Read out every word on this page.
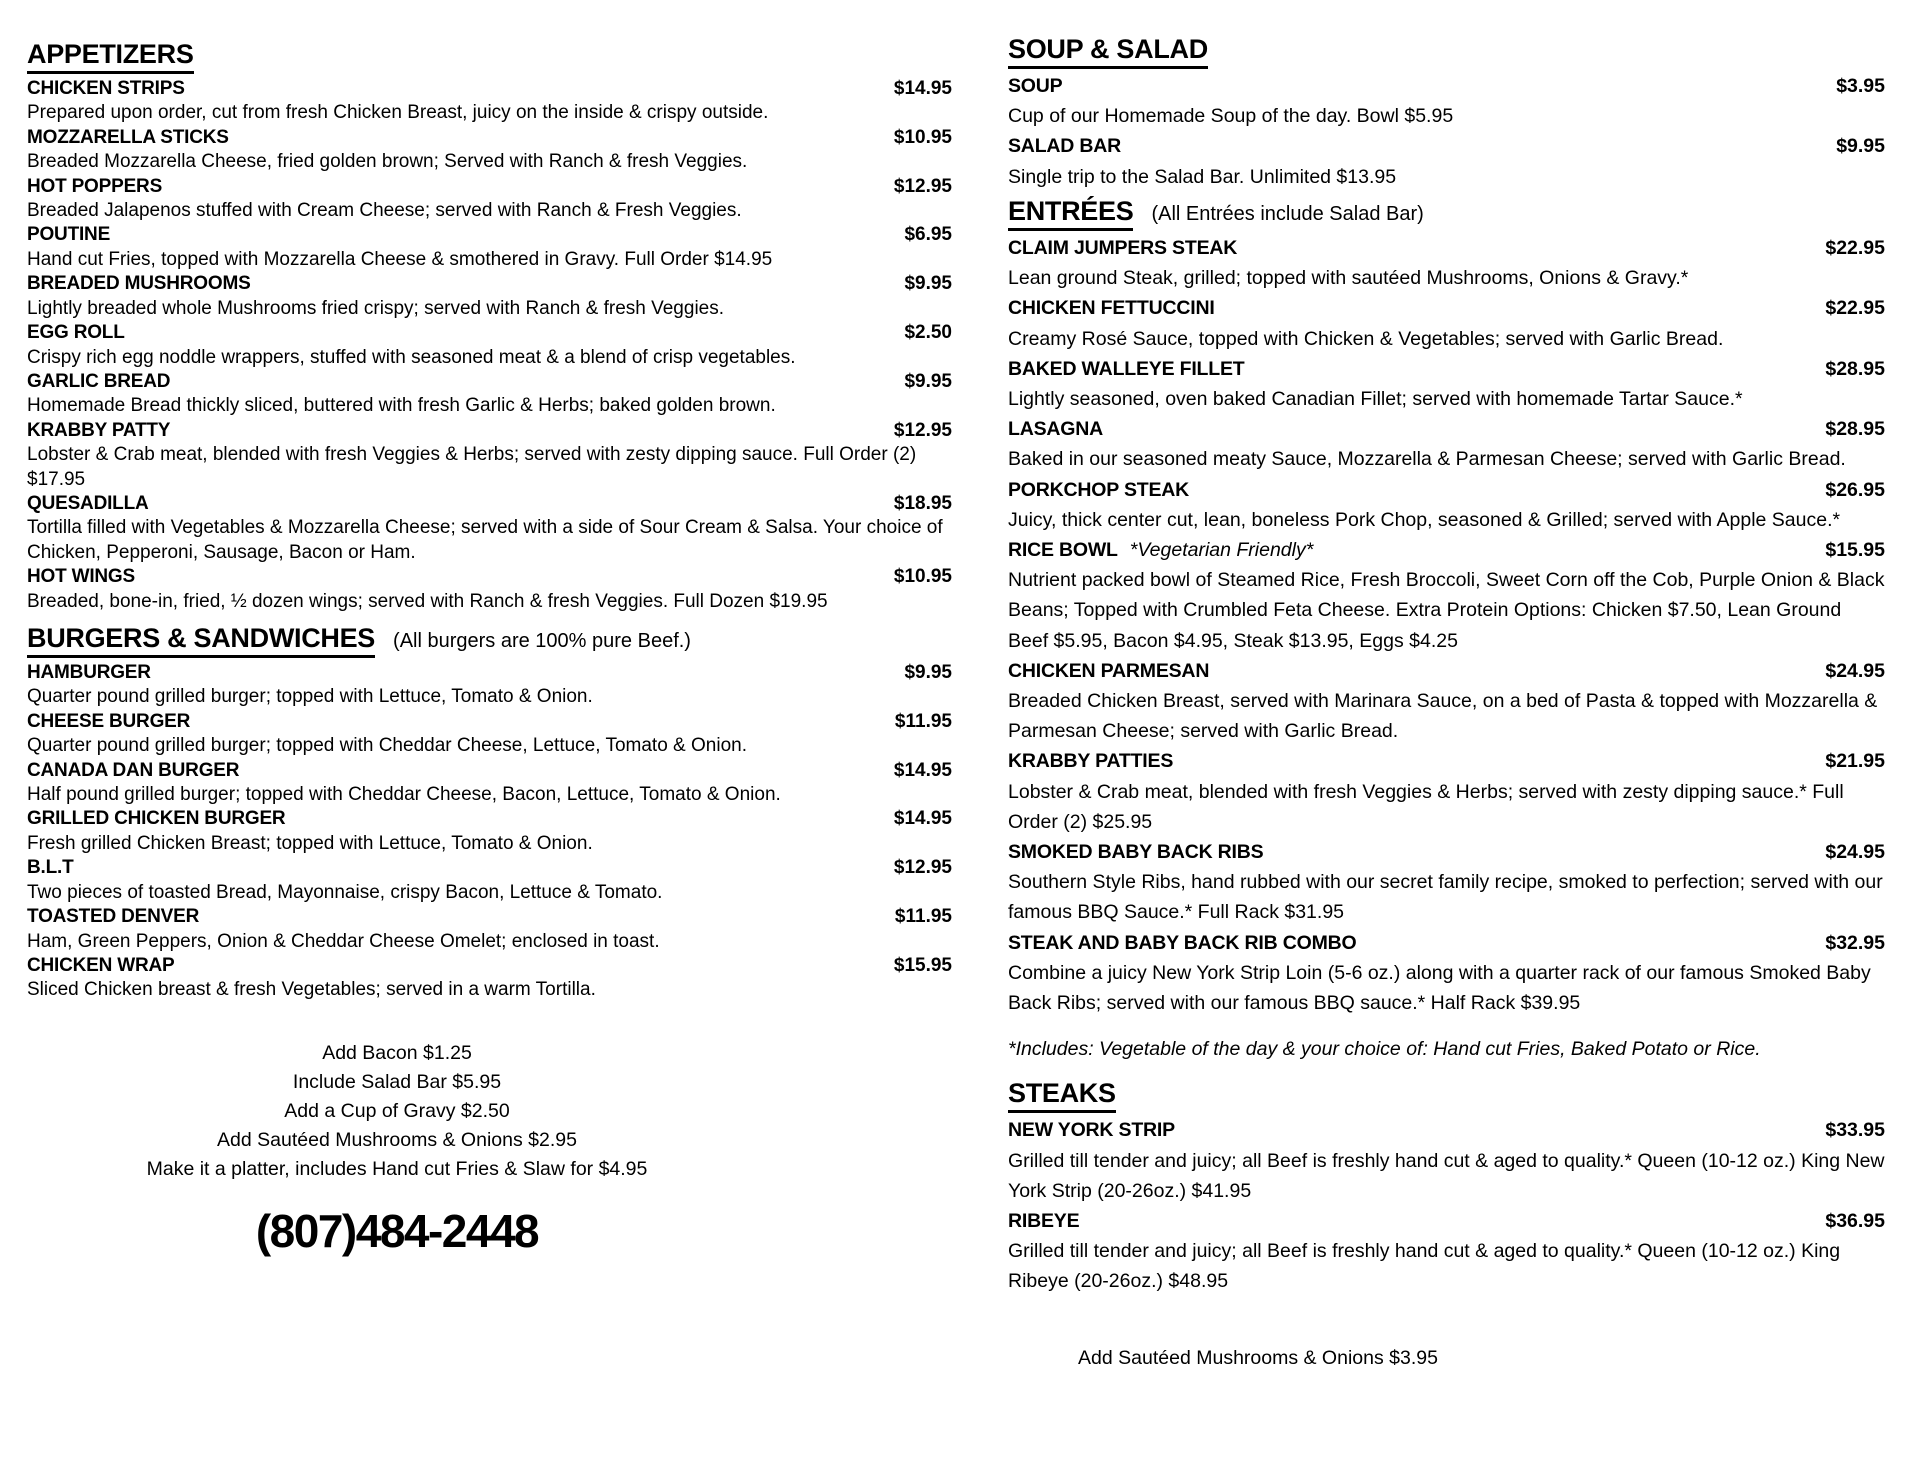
APPETIZERS
CHICKEN STRIPS	$14.95
Prepared upon order, cut from fresh Chicken Breast, juicy on the inside & crispy outside.
MOZZARELLA STICKS	$10.95
Breaded Mozzarella Cheese, fried golden brown; Served with Ranch & fresh Veggies.
HOT POPPERS	$12.95
Breaded Jalapenos stuffed with Cream Cheese; served with Ranch & Fresh Veggies.
POUTINE	$6.95
Hand cut Fries, topped with Mozzarella Cheese & smothered in Gravy. Full Order $14.95
BREADED MUSHROOMS	$9.95
Lightly breaded whole Mushrooms fried crispy; served with Ranch & fresh Veggies.
EGG ROLL	$2.50
Crispy rich egg noddle wrappers, stuffed with seasoned meat & a blend of crisp vegetables.
GARLIC BREAD	$9.95
Homemade Bread thickly sliced, buttered with fresh Garlic & Herbs; baked golden brown.
KRABBY PATTY	$12.95
Lobster & Crab meat, blended with fresh Veggies & Herbs; served with zesty dipping sauce. Full Order (2) $17.95
QUESADILLA	$18.95
Tortilla filled with Vegetables & Mozzarella Cheese; served with a side of Sour Cream & Salsa. Your choice of Chicken, Pepperoni, Sausage, Bacon or Ham.
HOT WINGS	$10.95
Breaded, bone-in, fried, ½ dozen wings; served with Ranch & fresh Veggies. Full Dozen $19.95
BURGERS & SANDWICHES (All burgers are 100% pure Beef.)
HAMBURGER	$9.95
Quarter pound grilled burger; topped with Lettuce, Tomato & Onion.
CHEESE BURGER	$11.95
Quarter pound grilled burger; topped with Cheddar Cheese, Lettuce, Tomato & Onion.
CANADA DAN BURGER	$14.95
Half pound grilled burger; topped with Cheddar Cheese, Bacon, Lettuce, Tomato & Onion.
GRILLED CHICKEN BURGER	$14.95
Fresh grilled Chicken Breast; topped with Lettuce, Tomato & Onion.
B.L.T	$12.95
Two pieces of toasted Bread, Mayonnaise, crispy Bacon, Lettuce & Tomato.
TOASTED DENVER	$11.95
Ham, Green Peppers, Onion & Cheddar Cheese Omelet; enclosed in toast.
CHICKEN WRAP	$15.95
Sliced Chicken breast & fresh Vegetables; served in a warm Tortilla.
Add Bacon $1.25
Include Salad Bar $5.95
Add a Cup of Gravy $2.50
Add Sautéed Mushrooms & Onions $2.95
Make it a platter, includes Hand cut Fries & Slaw for $4.95
(807)484-2448
SOUP & SALAD
SOUP	$3.95
Cup of our Homemade Soup of the day. Bowl $5.95
SALAD BAR	$9.95
Single trip to the Salad Bar. Unlimited $13.95
ENTRÉES (All Entrées include Salad Bar)
CLAIM JUMPERS STEAK	$22.95
Lean ground Steak, grilled; topped with sautéed Mushrooms, Onions & Gravy.*
CHICKEN FETTUCCINI	$22.95
Creamy Rosé Sauce, topped with Chicken & Vegetables; served with Garlic Bread.
BAKED WALLEYE FILLET	$28.95
Lightly seasoned, oven baked Canadian Fillet; served with homemade Tartar Sauce.*
LASAGNA	$28.95
Baked in our seasoned meaty Sauce, Mozzarella & Parmesan Cheese; served with Garlic Bread.
PORKCHOP STEAK	$26.95
Juicy, thick center cut, lean, boneless Pork Chop, seasoned & Grilled; served with Apple Sauce.*
RICE BOWL *Vegetarian Friendly*	$15.95
Nutrient packed bowl of Steamed Rice, Fresh Broccoli, Sweet Corn off the Cob, Purple Onion & Black Beans; Topped with Crumbled Feta Cheese. Extra Protein Options: Chicken $7.50, Lean Ground Beef $5.95, Bacon $4.95, Steak $13.95, Eggs $4.25
CHICKEN PARMESAN	$24.95
Breaded Chicken Breast, served with Marinara Sauce, on a bed of Pasta & topped with Mozzarella & Parmesan Cheese; served with Garlic Bread.
KRABBY PATTIES	$21.95
Lobster & Crab meat, blended with fresh Veggies & Herbs; served with zesty dipping sauce.* Full Order (2) $25.95
SMOKED BABY BACK RIBS	$24.95
Southern Style Ribs, hand rubbed with our secret family recipe, smoked to perfection; served with our famous BBQ Sauce.* Full Rack $31.95
STEAK AND BABY BACK RIB COMBO	$32.95
Combine a juicy New York Strip Loin (5-6 oz.) along with a quarter rack of our famous Smoked Baby Back Ribs; served with our famous BBQ sauce.* Half Rack $39.95
*Includes: Vegetable of the day & your choice of: Hand cut Fries, Baked Potato or Rice.
STEAKS
NEW YORK STRIP	$33.95
Grilled till tender and juicy; all Beef is freshly hand cut & aged to quality.* Queen (10-12 oz.) King New York Strip (20-26oz.) $41.95
RIBEYE	$36.95
Grilled till tender and juicy; all Beef is freshly hand cut & aged to quality.* Queen (10-12 oz.) King Ribeye (20-26oz.) $48.95
Add Sautéed Mushrooms & Onions $3.95
